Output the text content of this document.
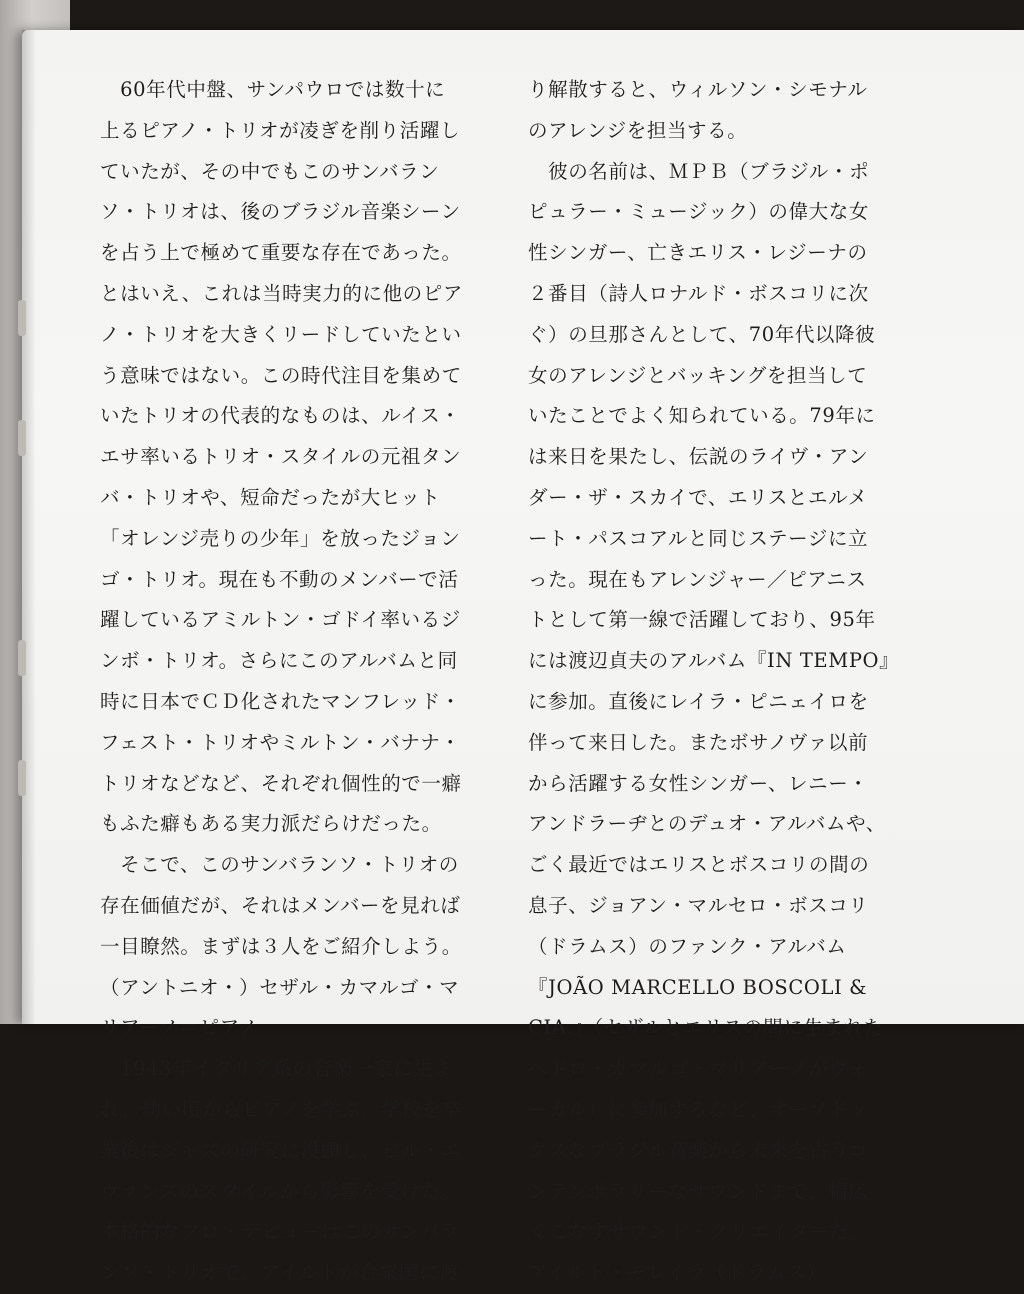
　60年代中盤、サンパウロでは数十に
上るピアノ・トリオが凌ぎを削り活躍し
ていたが、その中でもこのサンバラン
ソ・トリオは、後のブラジル音楽シーン
を占う上で極めて重要な存在であった。
とはいえ、これは当時実力的に他のピア
ノ・トリオを大きくリードしていたとい
う意味ではない。この時代注目を集めて
いたトリオの代表的なものは、ルイス・
エサ率いるトリオ・スタイルの元祖タン
バ・トリオや、短命だったが大ヒット
「オレンジ売りの少年」を放ったジョン
ゴ・トリオ。現在も不動のメンバーで活
躍しているアミルトン・ゴドイ率いるジ
ンボ・トリオ。さらにこのアルバムと同
時に日本でＣＤ化されたマンフレッド・
フェスト・トリオやミルトン・バナナ・
トリオなどなど、それぞれ個性的で一癖
もふた癖もある実力派だらけだった。
　そこで、このサンバランソ・トリオの
存在価値だが、それはメンバーを見れば
一目瞭然。まずは３人をご紹介しよう。
（アントニオ・）セザル・カマルゴ・マ
リアーノ＝ピアノ
　1943年イタリア系の音楽一家に生ま
れ、幼い頃からピアノを学ぶ。学校を卒
業後はジャズの研究に没頭し、ビル・エ
ヴァンスのスタイルから影響を受けた。
本格的なプロ・デビューはこのサンバラ
ンソ・トリオで、アイルトが合衆国に渡
り解散すると、ウィルソン・シモナル
のアレンジを担当する。
　彼の名前は、ＭＰＢ（ブラジル・ポ
ピュラー・ミュージック）の偉大な女
性シンガー、亡きエリス・レジーナの
２番目（詩人ロナルド・ボスコリに次
ぐ）の旦那さんとして、70年代以降彼
女のアレンジとバッキングを担当して
いたことでよく知られている。79年に
は来日を果たし、伝説のライヴ・アン
ダー・ザ・スカイで、エリスとエルメ
ート・パスコアルと同じステージに立
った。現在もアレンジャー／ピアニス
トとして第一線で活躍しており、95年
には渡辺貞夫のアルバム『IN TEMPO』
に参加。直後にレイラ・ピニェイロを
伴って来日した。またボサノヴァ以前
から活躍する女性シンガー、レニー・
アンドラーヂとのデュオ・アルバムや、
ごく最近ではエリスとボスコリの間の
息子、ジョアン・マルセロ・ボスコリ
（ドラムス）のファンク・アルバム
『JOÃO MARCELLO BOSCOLI &
CIA.』（セザルとエリスの間に生まれた
ペドロ・カマルゴ・マリアーノがヴォ
ーカル）に参加するなど、オーソドッ
クスなブラジル音楽から未来を占うコ
ンテンポラリーなサウンドまで、幅広
くこなすサウンド・クリエイターだ。
アイルト・モレイラ（ドラムス）
